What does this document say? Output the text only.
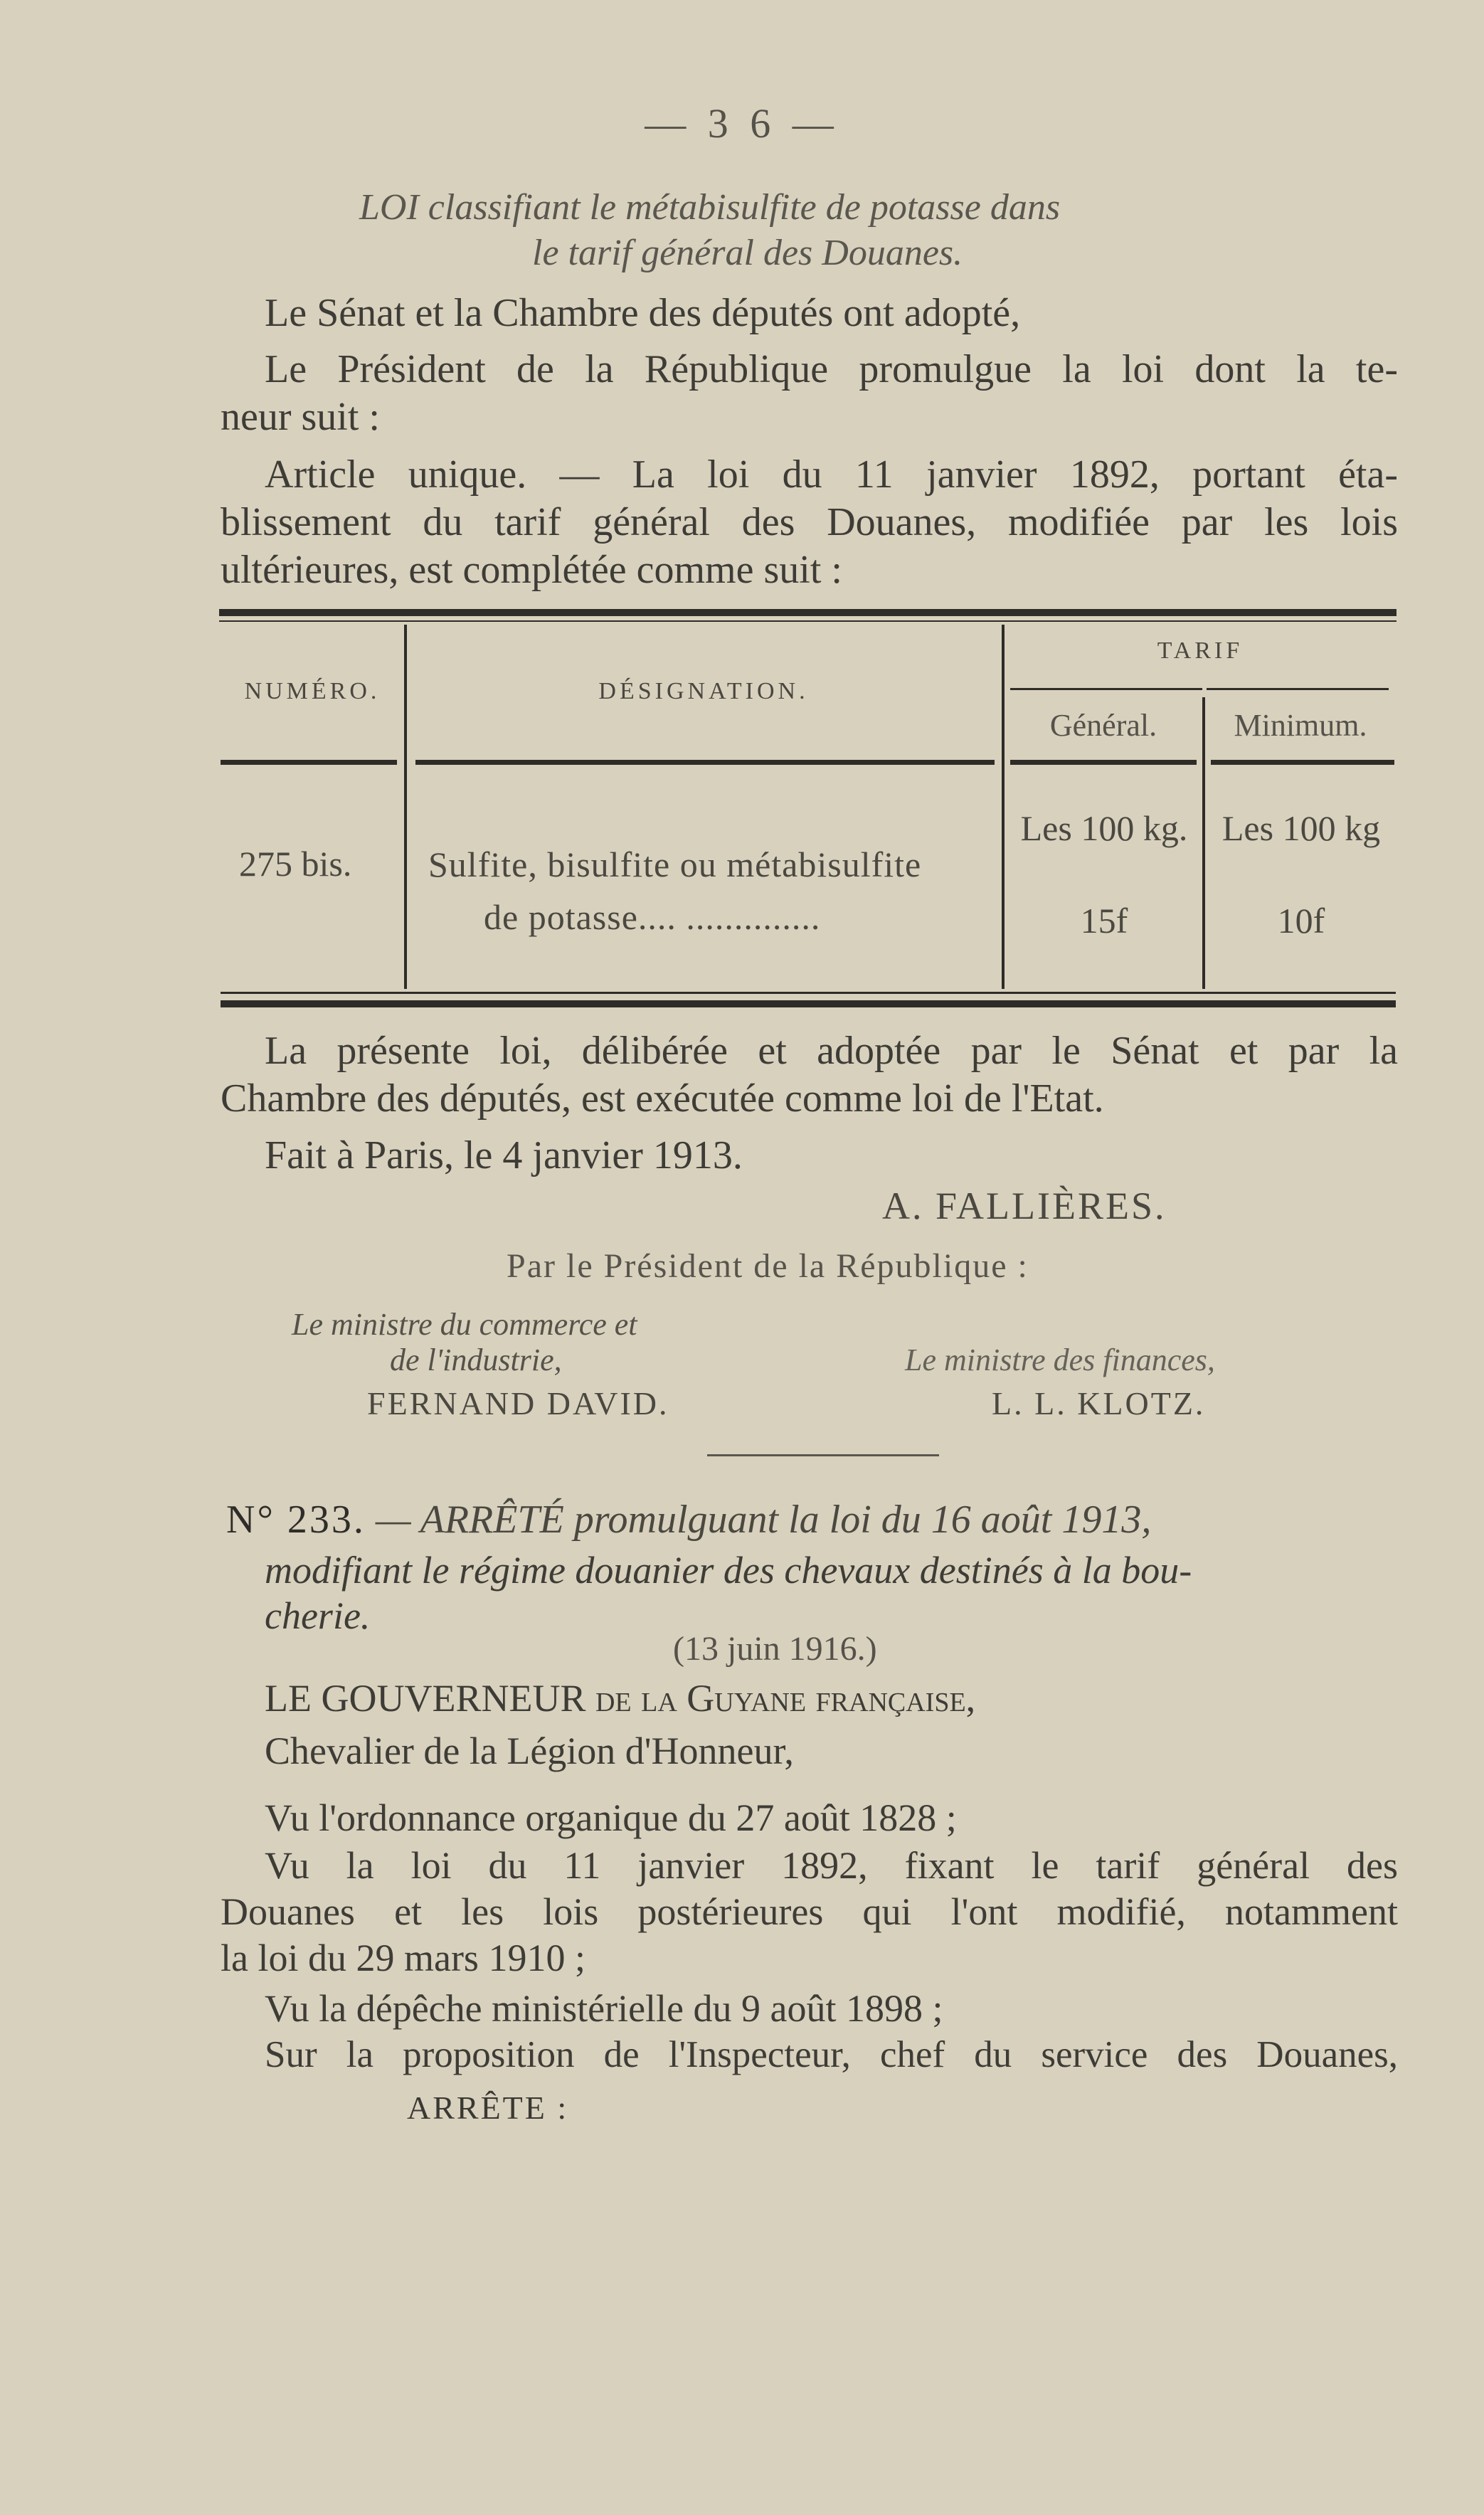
— 3 6 —
LOI classifiant le métabisulfite de potasse dans
le tarif général des Douanes.
Le Sénat et la Chambre des députés ont adopté,
Le Président de la République promulgue la loi dont la te-
neur suit :
Article unique. — La loi du 11 janvier 1892, portant éta-
blissement du tarif général des Douanes, modifiée par les lois
ultérieures, est complétée comme suit :
NUMÉRO.	DÉSIGNATION.
TARIF
Général.	Minimum.
275 bis. Sulfite, bisulfite ou métabisulfite
de potasse.... ..............
Les 100 kg.
15f
Les 100 kg
10f
La présente loi, délibérée et adoptée par le Sénat et par la
Chambre des députés, est exécutée comme loi de l'Etat.
Fait à Paris, le 4 janvier 1913.
A. FALLIÈRES.
Par le Président de la République :
Le ministre du commerce et
de l'industrie,
FERNAND DAVID.
Le ministre des finances,
L. L. KLOTZ.
N° 233. — ARRÊTÉ promulguant la loi du 16 août 1913,
modifiant le régime douanier des chevaux destinés à la bou-
cherie.
(13 juin 1916.)
LE GOUVERNEUR de la Guyane française,
Chevalier de la Légion d'Honneur,
Vu l'ordonnance organique du 27 août 1828 ;
Vu la loi du 11 janvier 1892, fixant le tarif général des
Douanes et les lois postérieures qui l'ont modifié, notamment
la loi du 29 mars 1910 ;
Vu la dépêche ministérielle du 9 août 1898 ;
Sur la proposition de l'Inspecteur, chef du service des Douanes,
ARRÊTE :
